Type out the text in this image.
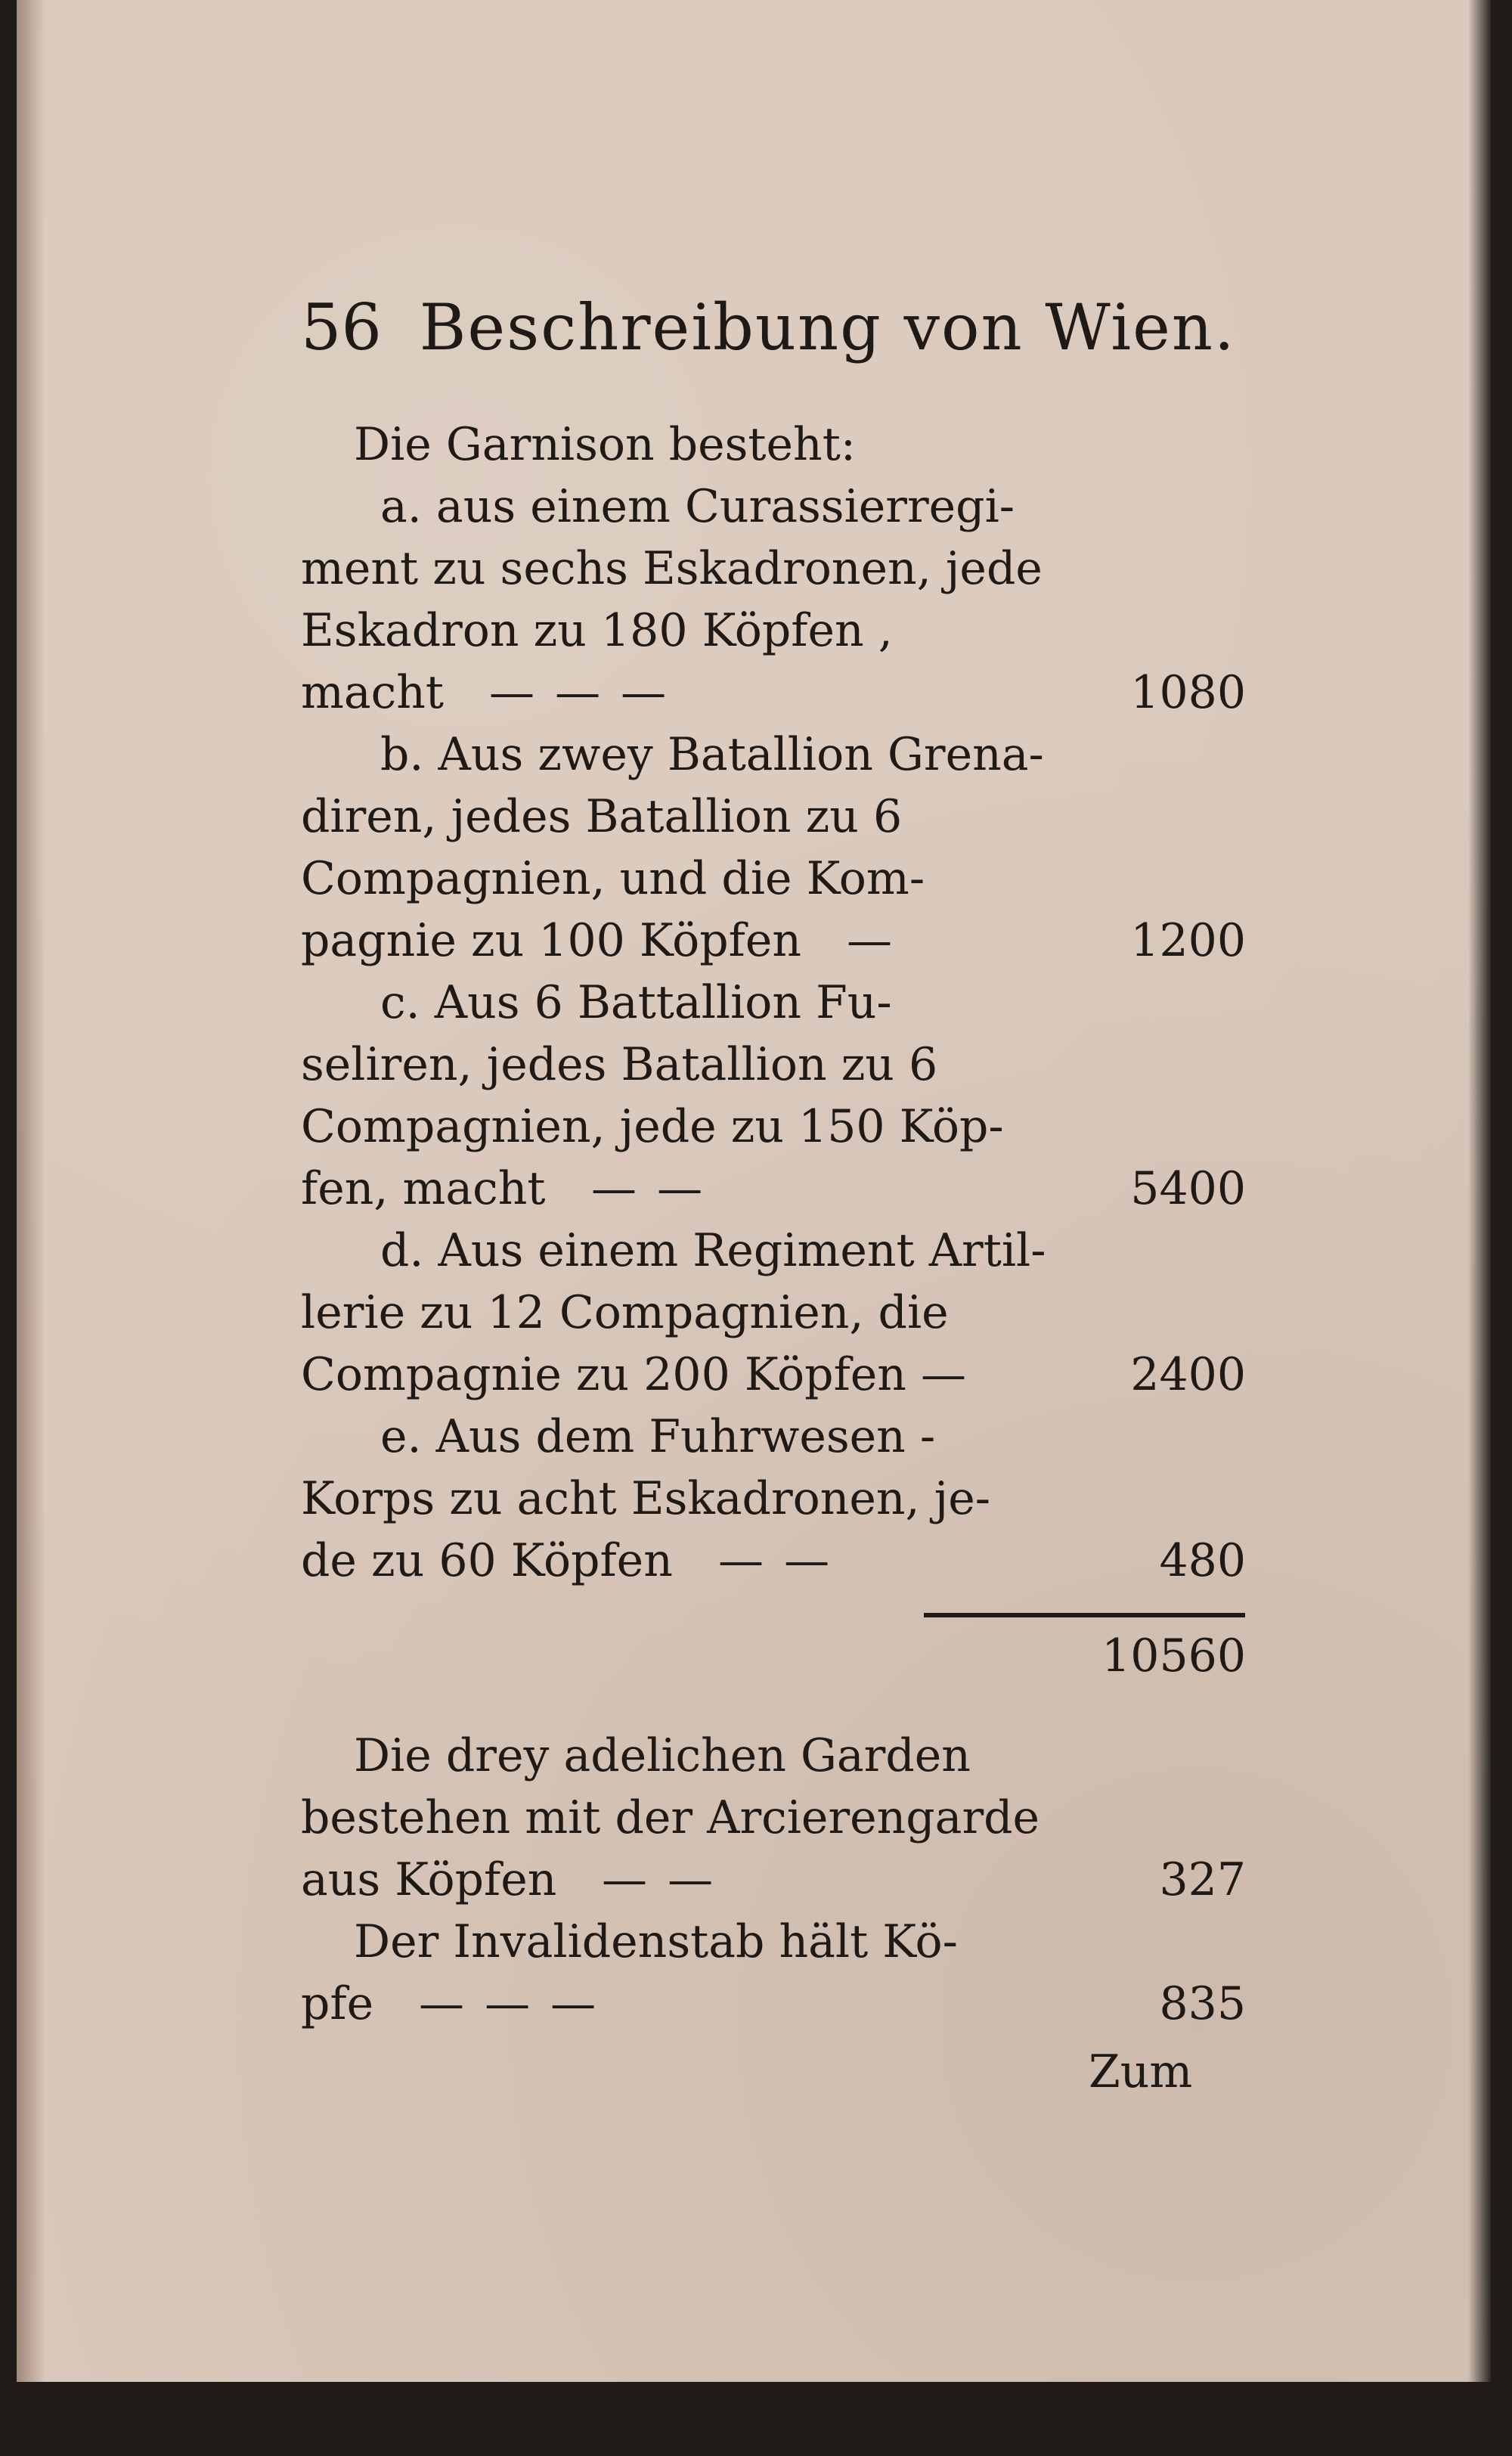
56 Beschreibung von Wien.
Die Garnison besteht:
a. aus einem Curassierregi-
ment zu sechs Eskadronen, jede
Eskadron zu 180 Köpfen ,
macht — — —	1080
b. Aus zwey Batallion Grena-
diren, jedes Batallion zu 6
Compagnien, und die Kom-
pagnie zu 100 Köpfen —	1200
c. Aus 6 Battallion Fu-
seliren, jedes Batallion zu 6
Compagnien, jede zu 150 Köp-
fen, macht — —	5400
d. Aus einem Regiment Artil-
lerie zu 12 Compagnien, die
Compagnie zu 200 Köpfen —	2400
e. Aus dem Fuhrwesen -
Korps zu acht Eskadronen, je-
de zu 60 Köpfen — —	480
10560
Die drey adelichen Garden
bestehen mit der Arcierengarde
aus Köpfen — —	327
Der Invalidenstab hält Kö-
pfe — — —	835
Zum
